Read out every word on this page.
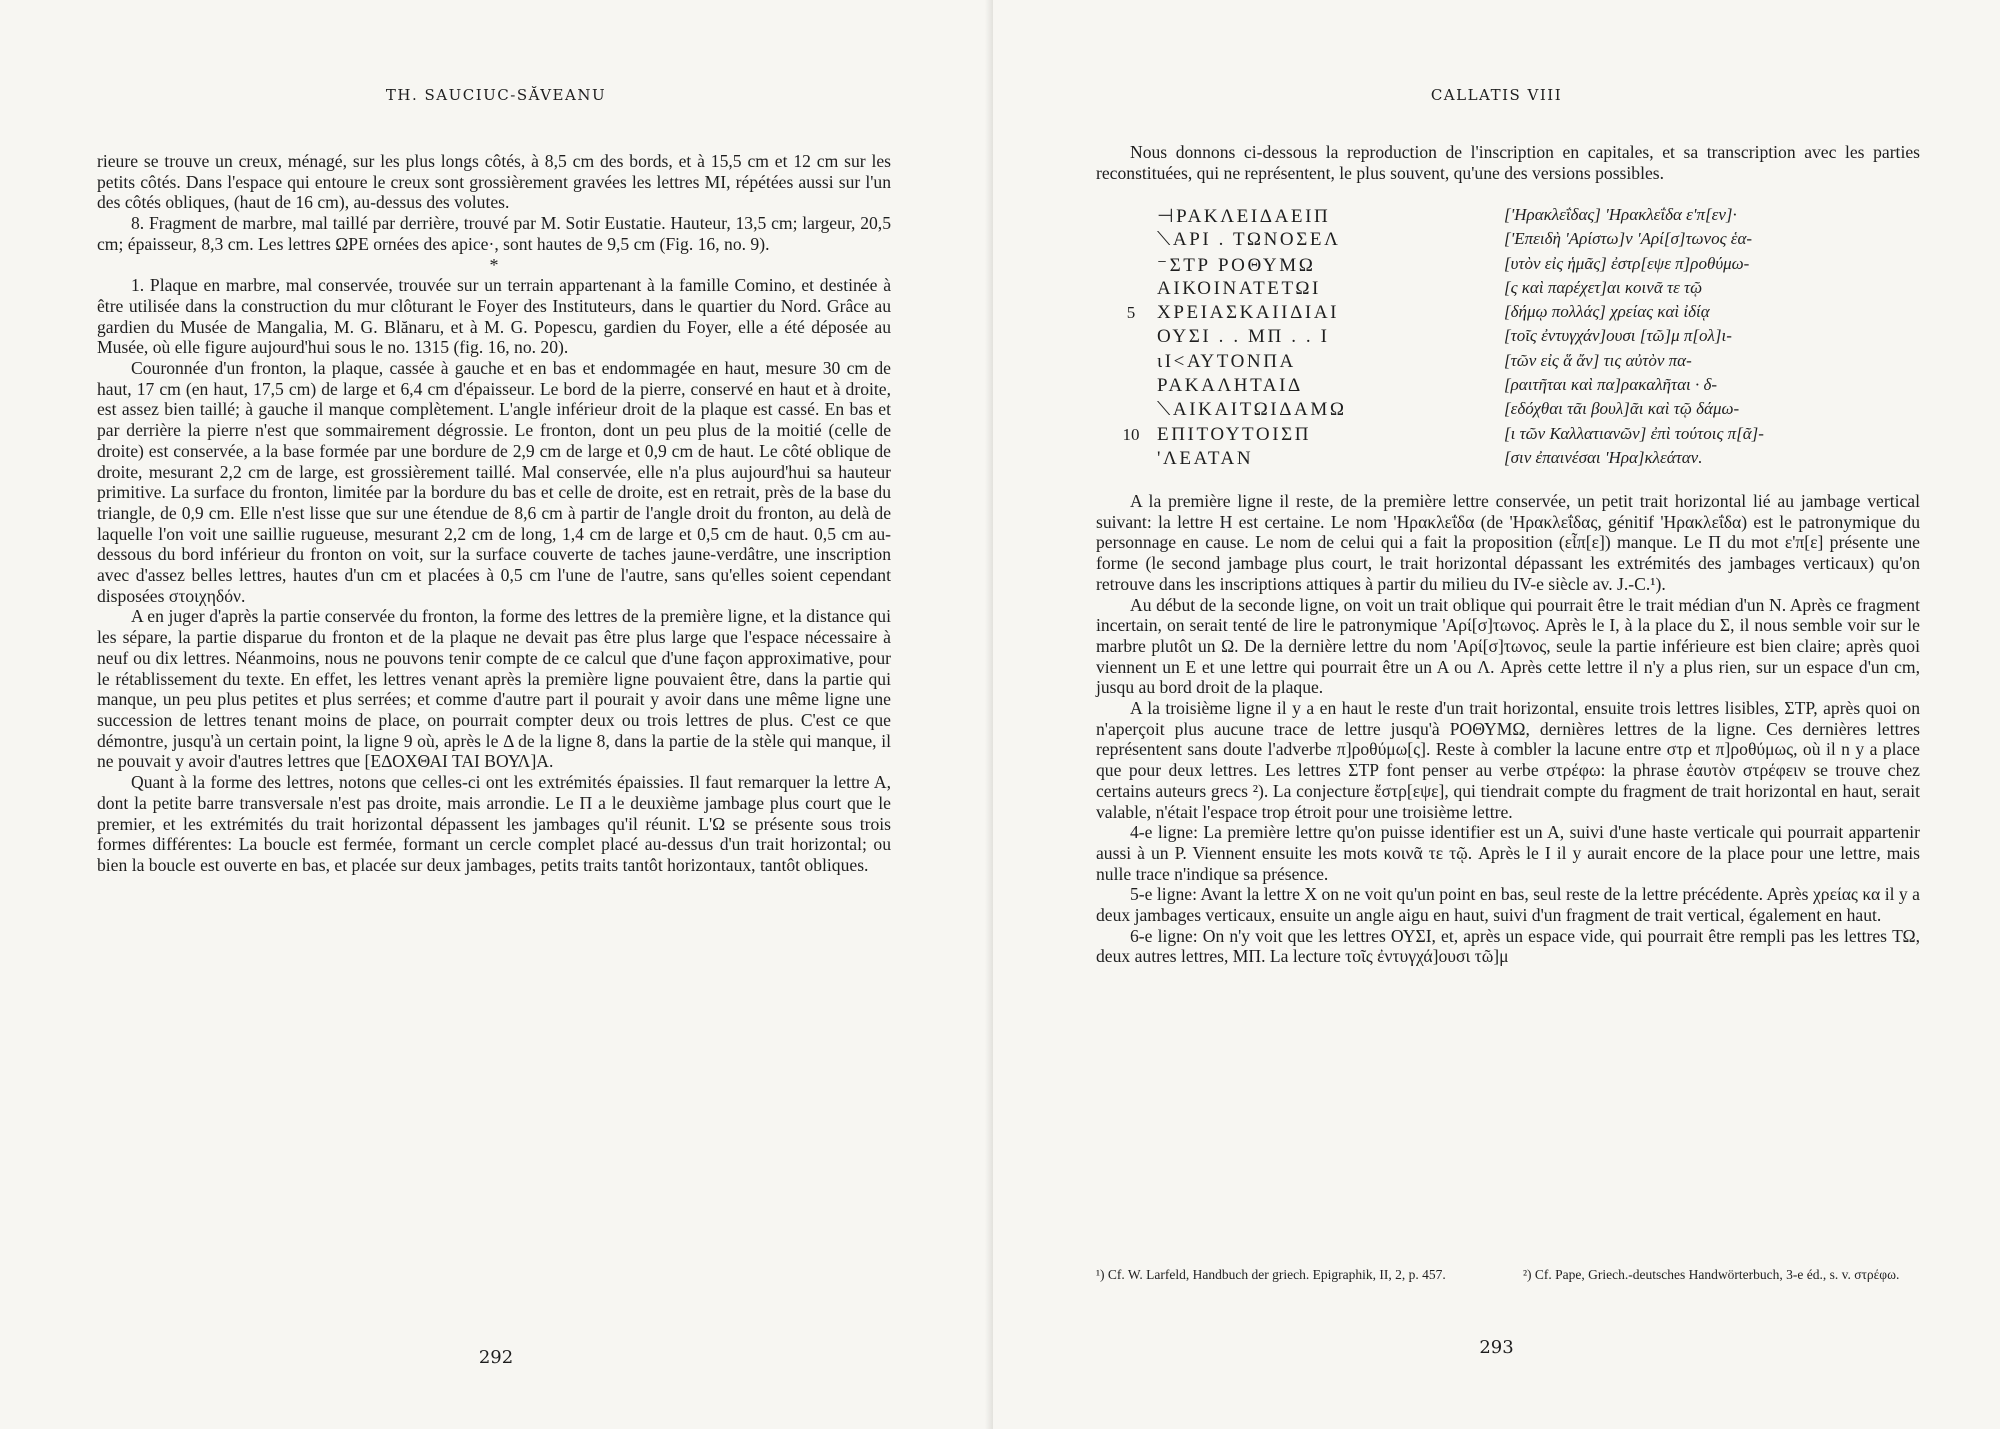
TH. SAUCIUC-SĂVEANU

rieure se trouve un creux, ménagé, sur les plus longs côtés, à 8,5 cm des bords, et à 15,5 cm et 12 cm sur les petits côtés. Dans l'espace qui entoure le creux sont grossièrement gravées les lettres MI, répétées aussi sur l'un des côtés obliques, (haut de 16 cm), au-dessus des volutes.

8. Fragment de marbre, mal taillé par derrière, trouvé par M. Sotir Eustatie. Hauteur, 13,5 cm; largeur, 20,5 cm; épaisseur, 8,3 cm. Les lettres ΩPE ornées des apice·, sont hautes de 9,5 cm (Fig. 16, no. 9).

*

1. Plaque en marbre, mal conservée, trouvée sur un terrain appartenant à la famille Comino, et destinée à être utilisée dans la construction du mur clôturant le Foyer des Instituteurs, dans le quartier du Nord. Grâce au gardien du Musée de Mangalia, M. G. Blănaru, et à M. G. Popescu, gardien du Foyer, elle a été déposée au Musée, où elle figure aujourd'hui sous le no. 1315 (fig. 16, no. 20).

Couronnée d'un fronton, la plaque, cassée à gauche et en bas et endommagée en haut, mesure 30 cm de haut, 17 cm (en haut, 17,5 cm) de large et 6,4 cm d'épaisseur. Le bord de la pierre, conservé en haut et à droite, est assez bien taillé; à gauche il manque complètement. L'angle inférieur droit de la plaque est cassé. En bas et par derrière la pierre n'est que sommairement dégrossie. Le fronton, dont un peu plus de la moitié (celle de droite) est conservée, a la base formée par une bordure de 2,9 cm de large et 0,9 cm de haut. Le côté oblique de droite, mesurant 2,2 cm de large, est grossièrement taillé. Mal conservée, elle n'a plus aujourd'hui sa hauteur primitive. La surface du fronton, limitée par la bordure du bas et celle de droite, est en retrait, près de la base du triangle, de 0,9 cm. Elle n'est lisse que sur une étendue de 8,6 cm à partir de l'angle droit du fronton, au delà de laquelle l'on voit une saillie rugueuse, mesurant 2,2 cm de long, 1,4 cm de large et 0,5 cm de haut. 0,5 cm au-dessous du bord inférieur du fronton on voit, sur la surface couverte de taches jaune-verdâtre, une inscription avec d'assez belles lettres, hautes d'un cm et placées à 0,5 cm l'une de l'autre, sans qu'elles soient cependant disposées στοιχηδόν.

A en juger d'après la partie conservée du fronton, la forme des lettres de la première ligne, et la distance qui les sépare, la partie disparue du fronton et de la plaque ne devait pas être plus large que l'espace nécessaire à neuf ou dix lettres. Néanmoins, nous ne pouvons tenir compte de ce calcul que d'une façon approximative, pour le rétablissement du texte. En effet, les lettres venant après la première ligne pouvaient être, dans la partie qui manque, un peu plus petites et plus serrées; et comme d'autre part il pourait y avoir dans une même ligne une succession de lettres tenant moins de place, on pourrait compter deux ou trois lettres de plus. C'est ce que démontre, jusqu'à un certain point, la ligne 9 où, après le Δ de la ligne 8, dans la partie de la stèle qui manque, il ne pouvait y avoir d'autres lettres que [ΕΔΟΧΘΑΙ ΤΑΙ ΒΟΥΛ]Α.

Quant à la forme des lettres, notons que celles-ci ont les extrémités épaissies. Il faut remarquer la lettre A, dont la petite barre transversale n'est pas droite, mais arrondie. Le Π a le deuxième jambage plus court que le premier, et les extrémités du trait horizontal dépassent les jambages qu'il réunit. L'Ω se présente sous trois formes différentes: La boucle est fermée, formant un cercle complet placé au-dessus d'un trait horizontal; ou bien la boucle est ouverte en bas, et placée sur deux jambages, petits traits tantôt horizontaux, tantôt obliques.

292
CALLATIS VIII

Nous donnons ci-dessous la reproduction de l'inscription en capitales, et sa transcription avec les parties reconstituées, qui ne représentent, le plus souvent, qu'une des versions possibles.

⊣ΡΑΚΛΕΙΔΑΕΙΠ	['Ηρακλεΐδας] 'Ηρακλεΐδα ε'π[εν]·
⟍ΑΡΙ . ΤΩΝΟΣΕΛ	['Επειδὴ 'Αρίστω]ν 'Αρί[σ]τωνος ἑα-
⁻ΣΤΡ ΡΟΘΥΜΩ	[υτὸν εἰς ἡμᾶς] ἐστρ[εψε π]ροθύμω-
ΑΙΚΟΙΝΑΤΕΤΩΙ	[ς καὶ παρέχετ]αι κοινᾶ τε τῷ
5	ΧΡΕΙΑΣΚΑΙΙΔΙΑΙ	[δήμῳ πολλάς] χρείας καὶ ἰδίᾳ
ΟΥΣΙ . . ΜΠ . . Ι	[τοῖς ἐντυγχάν]ουσι [τῶ]μ π[ολ]ι-
ιΙ<ΑΥΤΟΝΠΑ	[τῶν εἰς ἅ ἄν] τις αὐτὸν πα-
ΡΑΚΑΛΗΤΑΙΔ	[ραιτῆται καὶ πα]ρακαλῆται · δ-
⟍ΑΙΚΑΙΤΩΙΔΑΜΩ	[εδόχθαι τᾶι βουλ]ᾶι καὶ τῷ δάμω-
10 ΕΠΙΤΟΥΤΟΙΣΠ	[ι τῶν Καλλατιανῶν] ἐπὶ τούτοις π[ᾶ]-
'ΛΕΑΤΑΝ	[σιν ἐπαινέσαι 'Ηρα]κλεάταν.

A la première ligne il reste, de la première lettre conservée, un petit trait horizontal lié au jambage vertical suivant: la lettre H est certaine. Le nom 'Ηρακλεΐδα (de 'Ηρακλεΐδας, génitif 'Ηρακλεΐδα) est le patronymique du personnage en cause. Le nom de celui qui a fait la proposition (εἶπ[ε]) manque. Le Π du mot ε'π[ε] présente une forme (le second jambage plus court, le trait horizontal dépassant les extrémités des jambages verticaux) qu'on retrouve dans les inscriptions attiques à partir du milieu du IV-e siècle av. J.-C.¹).

Au début de la seconde ligne, on voit un trait oblique qui pourrait être le trait médian d'un N. Après ce fragment incertain, on serait tenté de lire le patronymique 'Αρί[σ]τωνος. Après le I, à la place du Σ, il nous semble voir sur le marbre plutôt un Ω. De la dernière lettre du nom 'Αρί[σ]τωνος, seule la partie inférieure est bien claire; après quoi viennent un E et une lettre qui pourrait être un A ou Λ. Après cette lettre il n'y a plus rien, sur un espace d'un cm, jusqu au bord droit de la plaque.

A la troisième ligne il y a en haut le reste d'un trait horizontal, ensuite trois lettres lisibles, ΣΤΡ, après quoi on n'aperçoit plus aucune trace de lettre jusqu'à ΡΟΘΥΜΩ, dernières lettres de la ligne. Ces dernières lettres représentent sans doute l'adverbe π]ροθύμω[ς]. Reste à combler la lacune entre στρ et π]ροθύμως, où il n y a place que pour deux lettres. Les lettres ΣΤΡ font penser au verbe στρέφω: la phrase ἑαυτὸν στρέφειν se trouve chez certains auteurs grecs ²). La conjecture ἔστρ[εψε], qui tiendrait compte du fragment de trait horizontal en haut, serait valable, n'était l'espace trop étroit pour une troisième lettre.

4-e ligne: La première lettre qu'on puisse identifier est un A, suivi d'une haste verticale qui pourrait appartenir aussi à un P. Viennent ensuite les mots κοινᾶ τε τῷ. Après le I il y aurait encore de la place pour une lettre, mais nulle trace n'indique sa présence.

5-e ligne: Avant la lettre X on ne voit qu'un point en bas, seul reste de la lettre précédente. Après χρείας κα il y a deux jambages verticaux, ensuite un angle aigu en haut, suivi d'un fragment de trait vertical, également en haut.

6-e ligne: On n'y voit que les lettres ΟΥΣΙ, et, après un espace vide, qui pourrait être rempli pas les lettres ΤΩ, deux autres lettres, ΜΠ. La lecture τοῖς ἐντυγχά]ουσι τῶ]μ

¹) Cf. W. Larfeld, Handbuch der griech. Epigraphik, II, 2, p. 457.	²) Cf. Pape, Griech.-deutsches Handwörterbuch, 3-e éd., s. v. στρέφω.
293
